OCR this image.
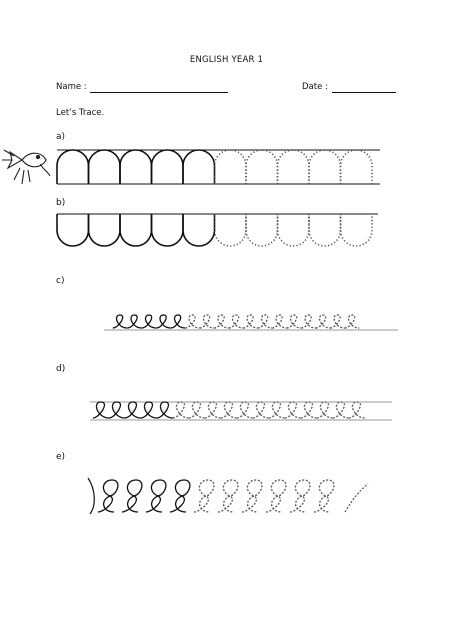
ENGLISH YEAR 1
Name :	Date :
Let’s Trace.
a)
b)
c)
d)
e)
